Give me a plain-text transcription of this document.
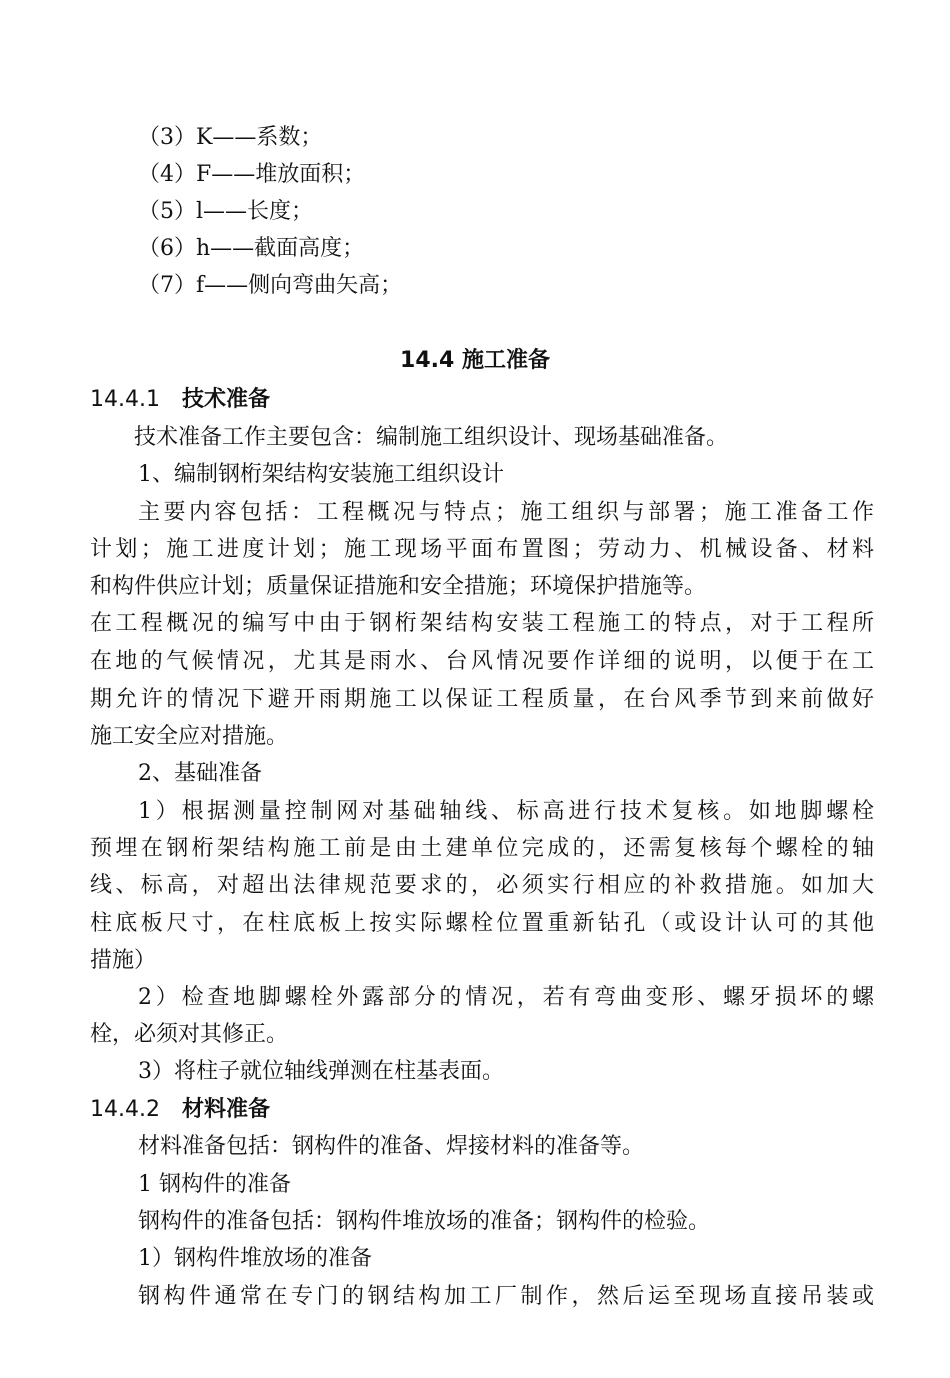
（3）K——系数；
（4）F——堆放面积；
（5）l——长度；
（6）h——截面高度；
（7）f——侧向弯曲矢高；
14.4 施工准备
14.4.1 技术准备
技术准备工作主要包含：编制施工组织设计、现场基础准备。
1、编制钢桁架结构安装施工组织设计
主要内容包括：工程概况与特点；施工组织与部署；施工准备工作
计划；施工进度计划；施工现场平面布置图；劳动力、机械设备、材料
和构件供应计划；质量保证措施和安全措施；环境保护措施等。
在工程概况的编写中由于钢桁架结构安装工程施工的特点，对于工程所
在地的气候情况，尤其是雨水、台风情况要作详细的说明，以便于在工
期允许的情况下避开雨期施工以保证工程质量，在台风季节到来前做好
施工安全应对措施。
2、基础准备
1）根据测量控制网对基础轴线、标高进行技术复核。如地脚螺栓
预埋在钢桁架结构施工前是由土建单位完成的，还需复核每个螺栓的轴
线、标高，对超出法律规范要求的，必须实行相应的补救措施。如加大
柱底板尺寸，在柱底板上按实际螺栓位置重新钻孔（或设计认可的其他
措施）
2）检查地脚螺栓外露部分的情况，若有弯曲变形、螺牙损坏的螺
栓，必须对其修正。
3）将柱子就位轴线弹测在柱基表面。
14.4.2 材料准备
材料准备包括：钢构件的准备、焊接材料的准备等。
1 钢构件的准备
钢构件的准备包括：钢构件堆放场的准备；钢构件的检验。
1）钢构件堆放场的准备
钢构件通常在专门的钢结构加工厂制作，然后运至现场直接吊装或
